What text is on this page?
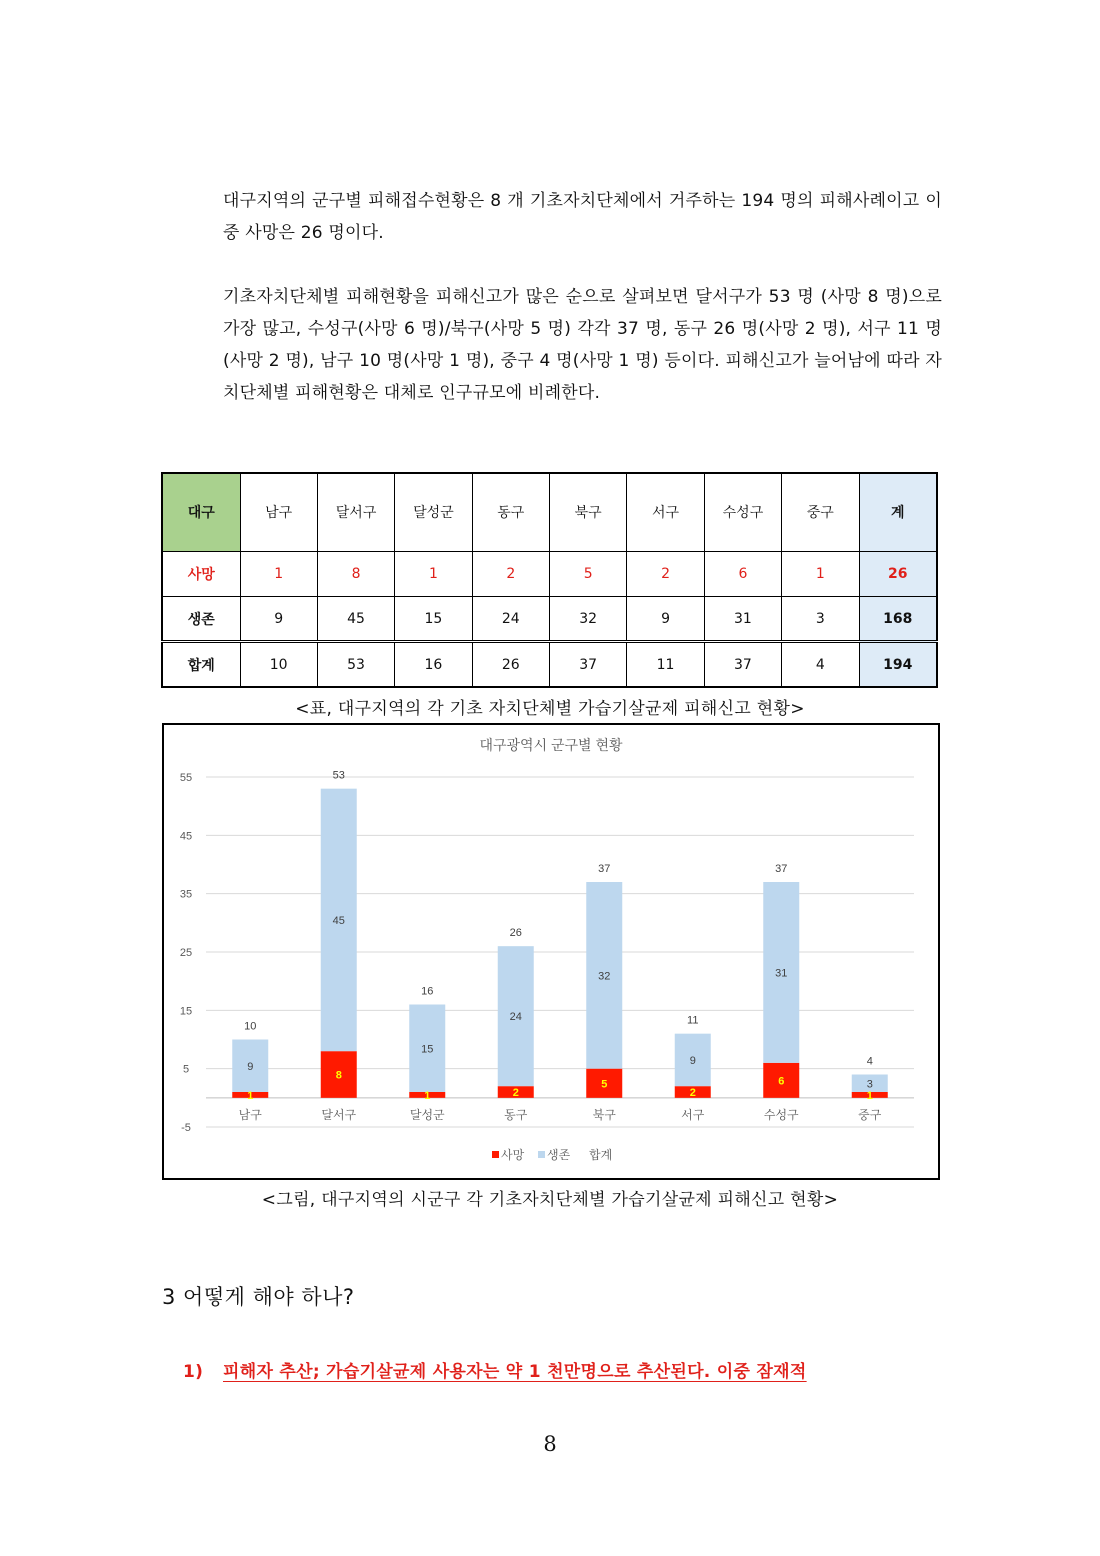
대구지역의 군구별 피해접수현황은 8 개 기초자치단체에서 거주하는 194 명의 피해사례이고 이중 사망은 26 명이다.

기초자치단체별 피해현황을 피해신고가 많은 순으로 살펴보면 달서구가 53 명 (사망 8 명)으로 가장 많고, 수성구(사망 6 명)/북구(사망 5 명) 각각 37 명, 동구 26 명(사망 2 명), 서구 11 명(사망 2 명), 남구 10 명(사망 1 명), 중구 4 명(사망 1 명) 등이다. 피해신고가 늘어남에 따라 자치단체별 피해현황은 대체로 인구규모에 비례한다.

대구	남구	달서구	달성군	동구	북구	서구	수성구	중구	계
사망	1	8	1	2	5	2	6	1	26
생존	9	45	15	24	32	9	31	3	168
합계	10	53	16	26	37	11	37	4	194

<표, 대구지역의 각 기초 자치단체별 가습기살균제 피해신고 현황>

대구광역시 군구별 현황
-5
5
15
25
35
45
55
1
9
10
남구
8
45
53
달서구
1
15
16
달성군
2
24
26
동구
5
32
37
북구
2
9
11
서구
6
31
37
수성구
1
3
4
중구
사망 생존 합계

<그림, 대구지역의 시군구 각 기초자치단체별 가습기살균제 피해신고 현황>

3 어떻게 해야 하나?

1) 피해자 추산; 가습기살균제 사용자는 약 1 천만명으로 추산된다. 이중 잠재적

8
